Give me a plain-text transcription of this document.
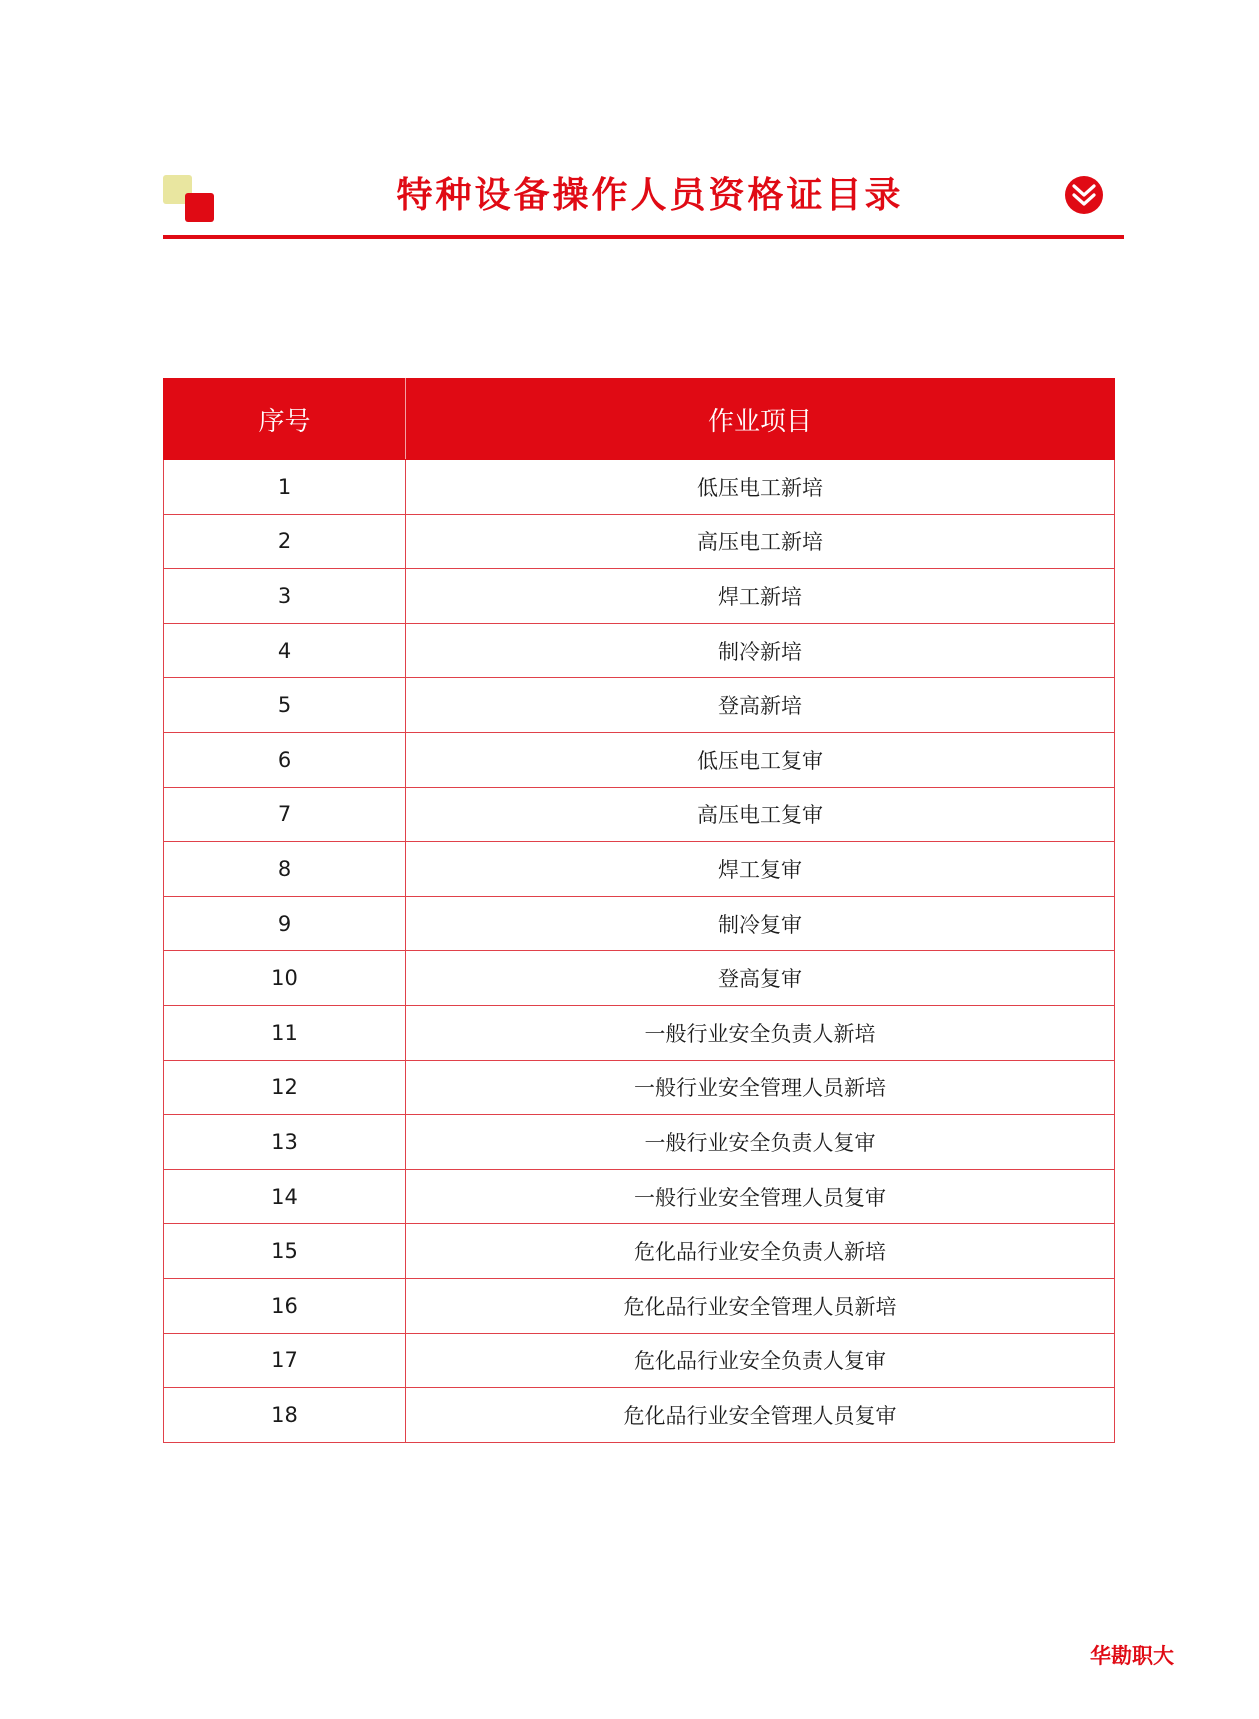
特种设备操作人员资格证目录
序号	作业项目
1	低压电工新培
2	高压电工新培
3	焊工新培
4	制冷新培
5	登高新培
6	低压电工复审
7	高压电工复审
8	焊工复审
9	制冷复审
10	登高复审
11	一般行业安全负责人新培
12	一般行业安全管理人员新培
13	一般行业安全负责人复审
14	一般行业安全管理人员复审
15	危化品行业安全负责人新培
16	危化品行业安全管理人员新培
17	危化品行业安全负责人复审
18	危化品行业安全管理人员复审
华勘职大
